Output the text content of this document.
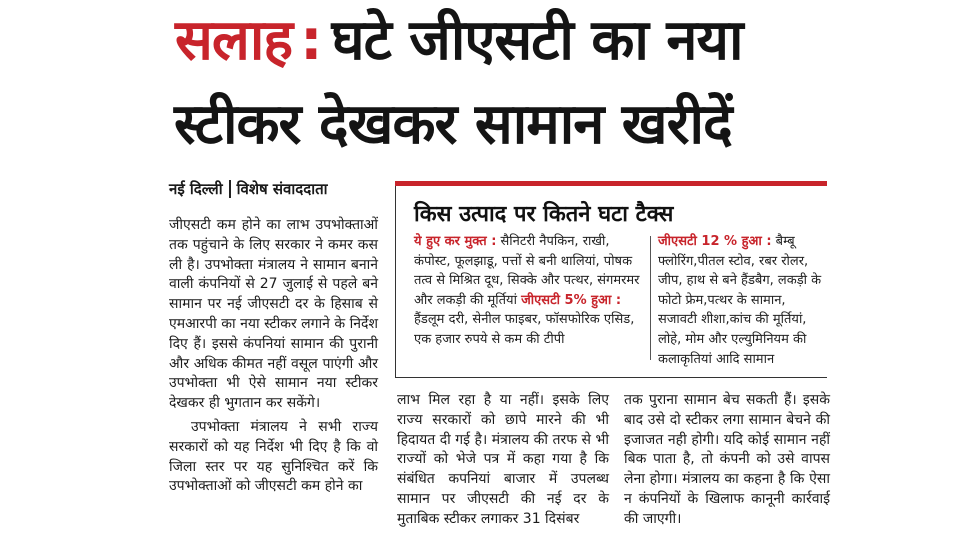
सलाह : घटे जीएसटी का नया
स्टीकर देखकर सामान खरीदें
नई दिल्ली विशेष संवाददाता
किस उत्पाद पर कितने घटा टैक्स
ये हुए कर मुक्त : सैनिटरी नैपकिन, राखी, कंपोस्ट, फूलझाडू, पत्तों से बनी थालियां, पोषक तत्व से मिश्रित दूध, सिक्के और पत्थर, संगमरमर और लकड़ी की मूर्तियां जीएसटी 5% हुआ : हैंडलूम दरी, सेनील फाइबर, फॉसफोरिक एसिड, एक हजार रुपये से कम की टीपी
जीएसटी 12 % हुआ : बैम्बू फ्लोरिंग,पीतल स्टोव, रबर रोलर, जीप, हाथ से बने हैंडबैग, लकड़ी के फोटो फ्रेम,पत्थर के सामान, सजावटी शीशा,कांच की मूर्तियां, लोहे, मोम और एल्युमिनियम की कलाकृतियां आदि सामान

जीएसटी कम होने का लाभ उपभोक्ताओं तक पहुंचाने के लिए सरकार ने कमर कस ली है। उपभोक्ता मंत्रालय ने सामान बनाने वाली कंपनियों से 27 जुलाई से पहले बने सामान पर नई जीएसटी दर के हिसाब से एमआरपी का नया स्टीकर लगाने के निर्देश दिए हैं। इससे कंपनियां सामान की पुरानी और अधिक कीमत नहीं वसूल पाएंगी और उपभोक्ता भी ऐसे सामान नया स्टीकर देखकर ही भुगतान कर सकेंगे।

उपभोक्ता मंत्रालय ने सभी राज्य सरकारों को यह निर्देश भी दिए है कि वो जिला स्तर पर यह सुनिश्चित करें कि उपभोक्ताओं को जीएसटी कम होने का

लाभ मिल रहा है या नहीं। इसके लिए राज्य सरकारों को छापे मारने की भी हिदायत दी गई है। मंत्रालय की तरफ से भी राज्यों को भेजे पत्र में कहा गया है कि संबंधित कपनियां बाजार में उपलब्ध सामान पर जीएसटी की नई दर के मुताबिक स्टीकर लगाकर 31 दिसंबर

तक पुराना सामान बेच सकती हैं। इसके बाद उसे दो स्टीकर लगा सामान बेचने की इजाजत नही होगी। यदि कोई सामान नहीं बिक पाता है, तो कंपनी को उसे वापस लेना होगा। मंत्रालय का कहना है कि ऐसा न कंपनियों के खिलाफ कानूनी कार्रवाई की जाएगी।
